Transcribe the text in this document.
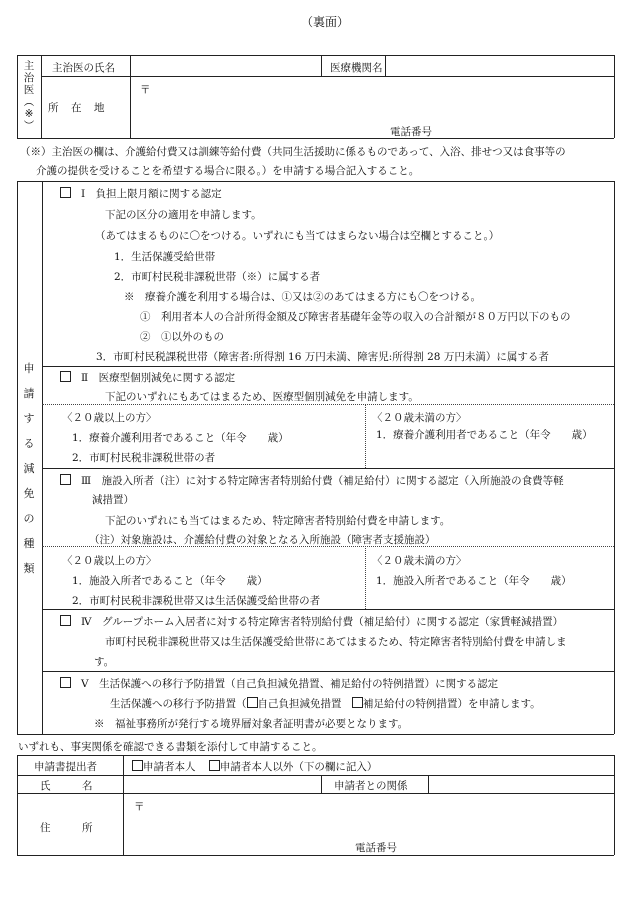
（裏面）
主
治
医
︵
※
︶
主治医の氏名	医療機関名
所　在　地
〒
電話番号
（※）主治医の欄は、介護給付費又は訓練等給付費（共同生活援助に係るものであって、入浴、排せつ又は食事等の
介護の提供を受けることを希望する場合に限る。）を申請する場合記入すること。
申
請
す
る
減
免
の
種
類
Ⅰ　負担上限月額に関する認定
下記の区分の適用を申請します。
（あてはまるものに〇をつける。いずれにも当てはまらない場合は空欄とすること。）
1．生活保護受給世帯
2．市町村民税非課税世帯（※）に属する者
※　療養介護を利用する場合は、①又は②のあてはまる方にも〇をつける。
①　利用者本人の合計所得金額及び障害者基礎年金等の収入の合計額が８０万円以下のもの
②　①以外のもの
3．市町村民税課税世帯（障害者:所得割 16 万円未満、障害児:所得割 28 万円未満）に属する者
Ⅱ　医療型個別減免に関する認定
下記のいずれにもあてはまるため、医療型個別減免を申請します。
〈２０歳以上の方〉
1．療養介護利用者であること（年令　　歳）
2．市町村民税非課税世帯の者
〈２０歳未満の方〉
1．療養介護利用者であること（年令　　歳）
Ⅲ　施設入所者（注）に対する特定障害者特別給付費（補足給付）に関する認定（入所施設の食費等軽
減措置）
下記のいずれにも当てはまるため、特定障害者特別給付費を申請します。
（注）対象施設は、介護給付費の対象となる入所施設（障害者支援施設）
〈２０歳以上の方〉
1．施設入所者であること（年令　　歳）
2．市町村民税非課税世帯又は生活保護受給世帯の者
〈２０歳未満の方〉
1．施設入所者であること（年令　　歳）
Ⅳ　グループホーム入居者に対する特定障害者特別給付費（補足給付）に関する認定（家賃軽減措置）
市町村民税非課税世帯又は生活保護受給世帯にあてはまるため、特定障害者特別給付費を申請しま
す。
Ⅴ　生活保護への移行予防措置（自己負担減免措置、補足給付の特例措置）に関する認定
生活保護への移行予防措置（ 自己負担減免措置　補足給付の特例措置）を申請します。
※　福祉事務所が発行する境界層対象者証明書が必要となります。
いずれも、事実関係を確認できる書類を添付して申請すること。
申請書提出者	申請者本人 申請者本人以外（下の欄に記入）
氏　　　名	申請者との関係
〒
住　　　所
電話番号
